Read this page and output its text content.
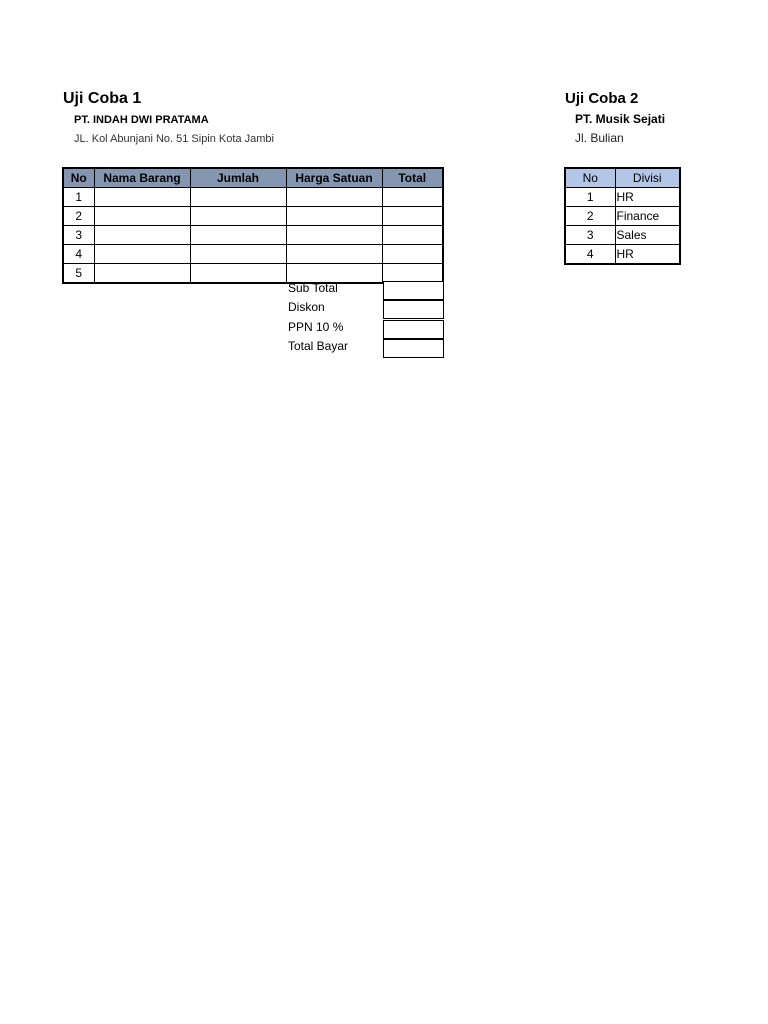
Uji Coba 1
PT. INDAH DWI PRATAMA
JL. Kol Abunjani No. 51 Sipin Kota Jambi
No	Nama Barang	Jumlah	Harga Satuan	Total
1				
2				
3				
4				
5				
Sub Total
Diskon
PPN 10 %
Total Bayar
Uji Coba 2
PT. Musik Sejati
Jl. Bulian
No	Divisi
1	HR
2	Finance
3	Sales
4	HR
